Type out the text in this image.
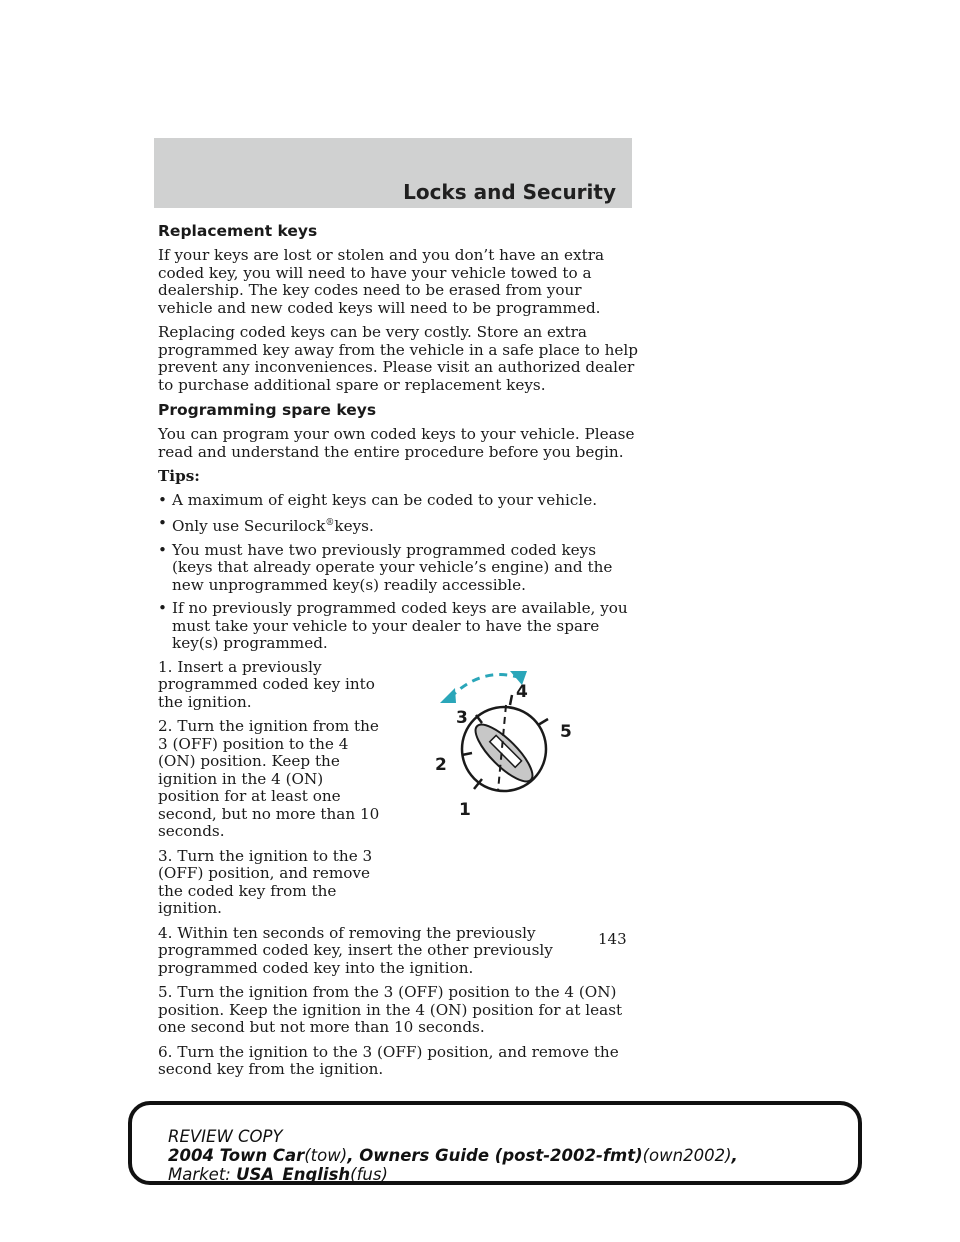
Locks and Security
Replacement keys

If your keys are lost or stolen and you don’t have an extra coded key, you will need to have your vehicle towed to a dealership. The key codes need to be erased from your vehicle and new coded keys will need to be programmed.

Replacing coded keys can be very costly. Store an extra programmed key away from the vehicle in a safe place to help prevent any inconveniences. Please visit an authorized dealer to purchase additional spare or replacement keys.

Programming spare keys

You can program your own coded keys to your vehicle. Please read and understand the entire procedure before you begin.

Tips:
• A maximum of eight keys can be coded to your vehicle.
• Only use Securilock®keys.
• You must have two previously programmed coded keys (keys that already operate your vehicle’s engine) and the new unprogrammed key(s) readily accessible.
• If no previously programmed coded keys are available, you must take your vehicle to your dealer to have the spare key(s) programmed.

1. Insert a previously programmed coded key into the ignition.

2. Turn the ignition from the 3 (OFF) position to the 4 (ON) position. Keep the ignition in the 4 (ON) position for at least one second, but no more than 10 seconds.

3. Turn the ignition to the 3 (OFF) position, and remove the coded key from the ignition.

1
2
3
4
5

4. Within ten seconds of removing the previously programmed coded key, insert the other previously programmed coded key into the ignition.

5. Turn the ignition from the 3 (OFF) position to the 4 (ON) position. Keep the ignition in the 4 (ON) position for at least one second but not more than 10 seconds.

6. Turn the ignition to the 3 (OFF) position, and remove the second key from the ignition.

143
REVIEW COPY
2004 Town Car(tow), Owners Guide (post-2002-fmt)(own2002),
Market: USA_English(fus)
